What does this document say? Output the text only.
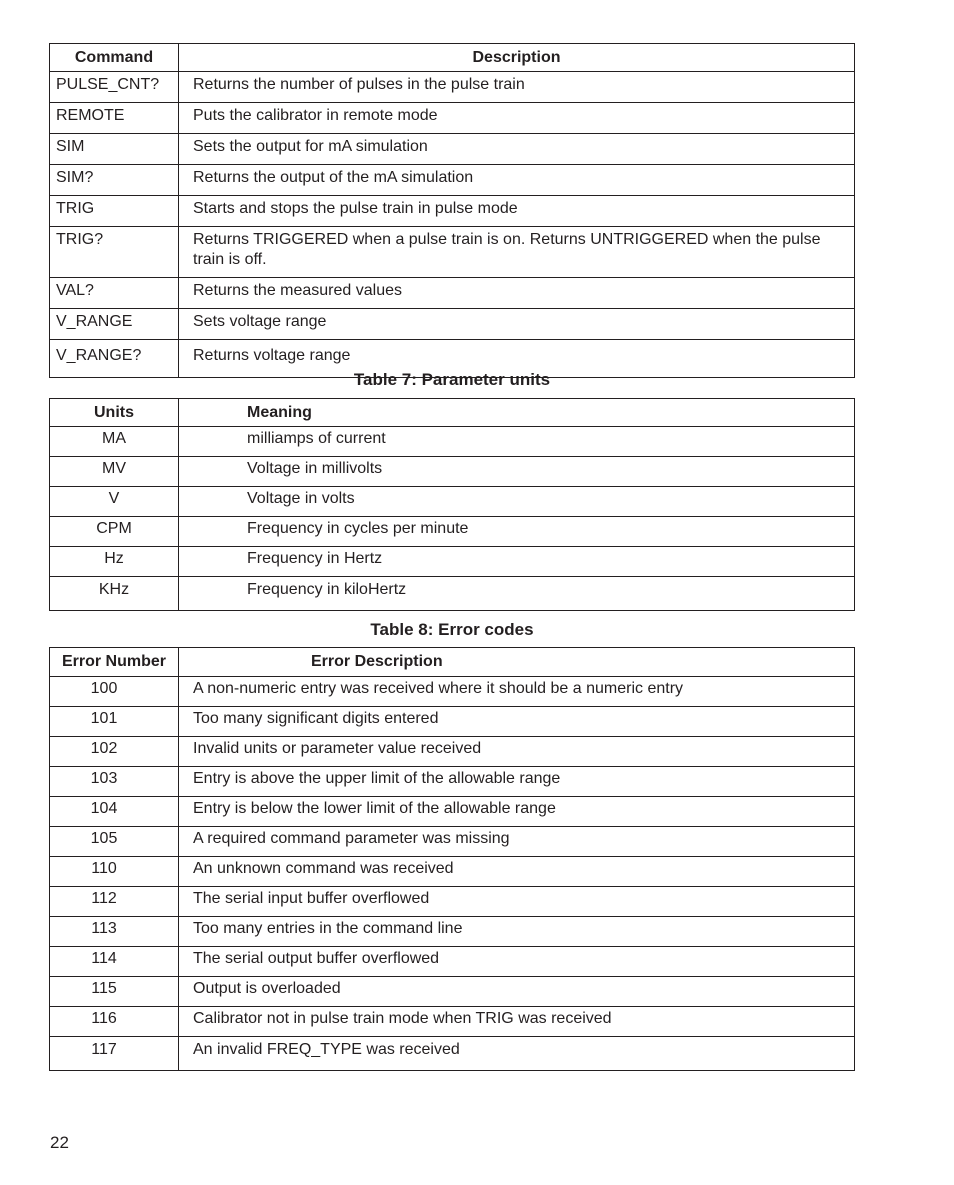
Command	Description
PULSE_CNT?	Returns the number of pulses in the pulse train
REMOTE	Puts the calibrator in remote mode
SIM	Sets the output for mA simulation
SIM?	Returns the output of the mA simulation
TRIG	Starts and stops the pulse train in pulse mode
TRIG?	Returns TRIGGERED when a pulse train is on. Returns UNTRIGGERED when the pulse train is off.
VAL?	Returns the measured values
V_RANGE	Sets voltage range
V_RANGE?	Returns voltage range
Table 7: Parameter units
Units	Meaning
MA	milliamps of current
MV	Voltage in millivolts
V	Voltage in volts
CPM	Frequency in cycles per minute
Hz	Frequency in Hertz
KHz	Frequency in kiloHertz
Table 8: Error codes
Error Number	Error Description
100	A non-numeric entry was received where it should be a numeric entry
101	Too many significant digits entered
102	Invalid units or parameter value received
103	Entry is above the upper limit of the allowable range
104	Entry is below the lower limit of the allowable range
105	A required command parameter was missing
110	An unknown command was received
112	The serial input buffer overflowed
113	Too many entries in the command line
114	The serial output buffer overflowed
115	Output is overloaded
116	Calibrator not in pulse train mode when TRIG was received
117	An invalid FREQ_TYPE was received
22
